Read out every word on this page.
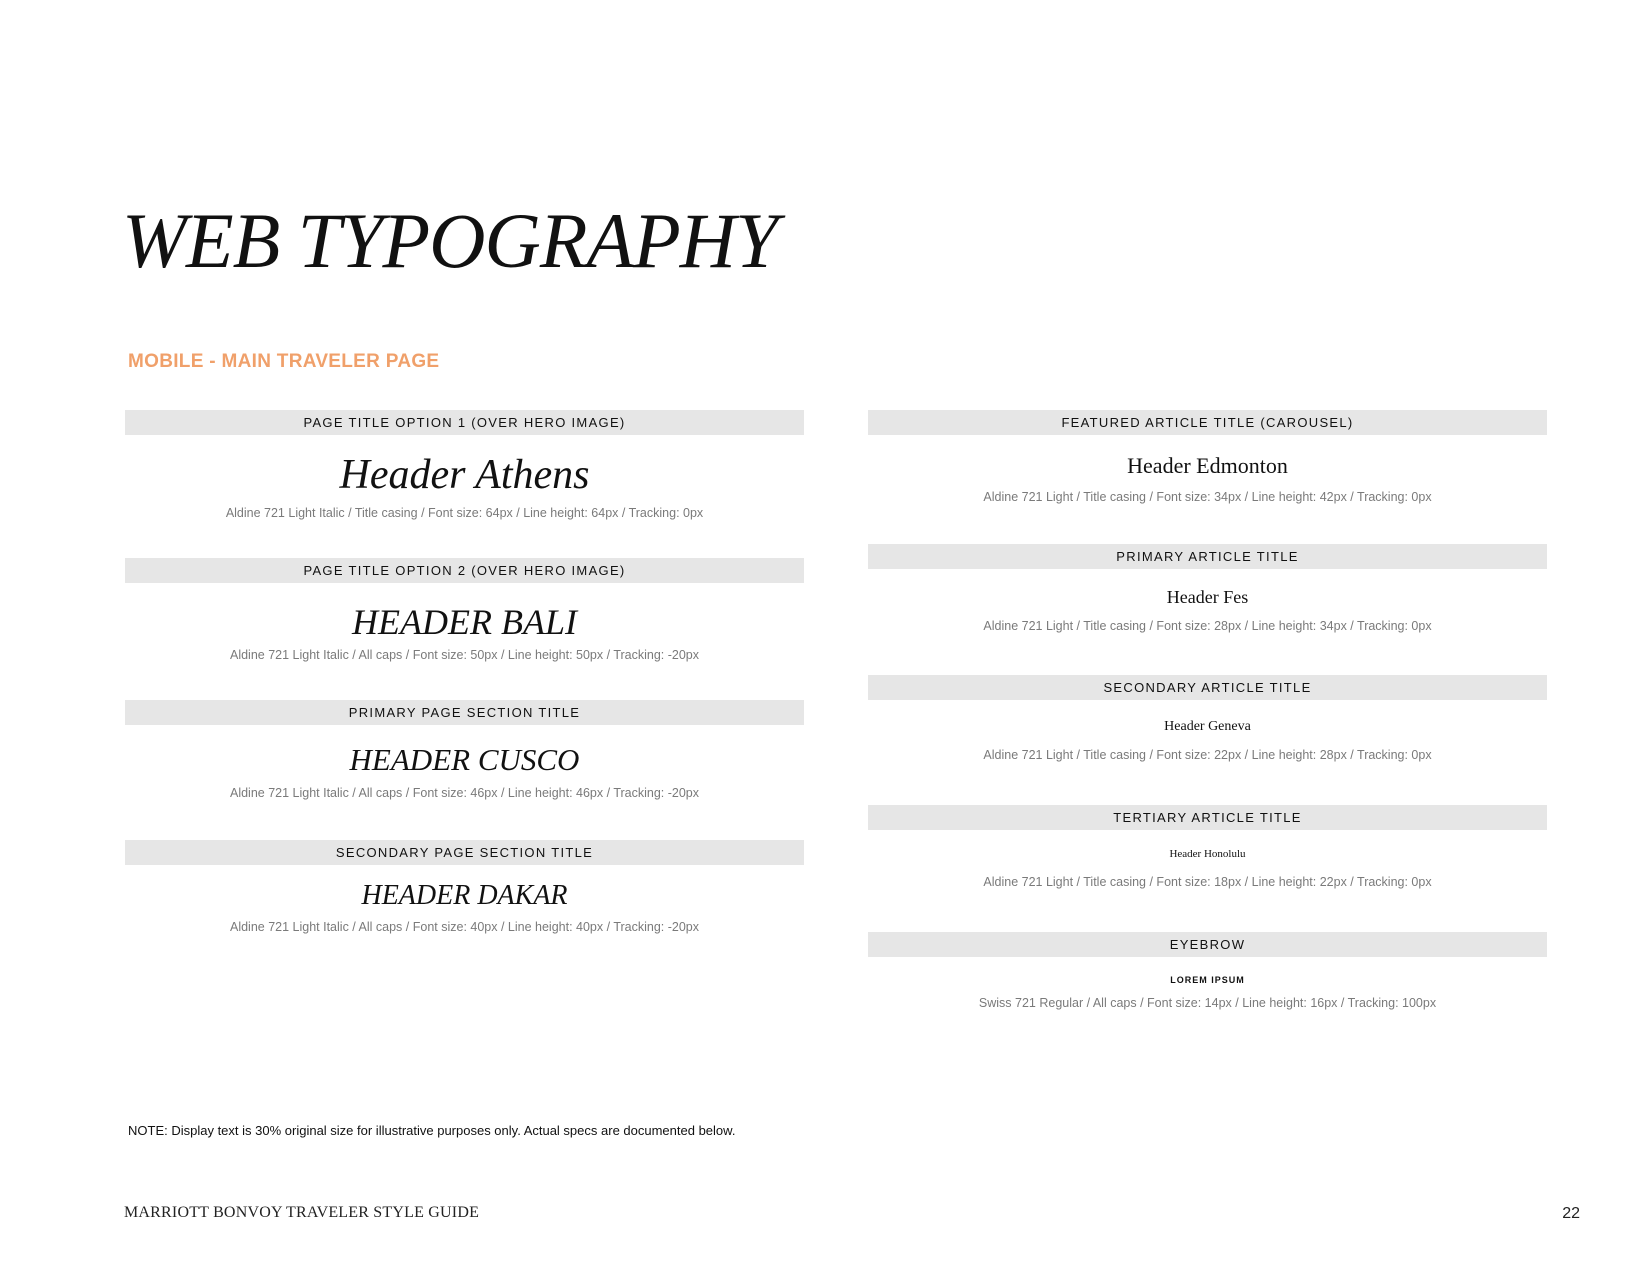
WEB TYPOGRAPHY
MOBILE - MAIN TRAVELER PAGE
PAGE TITLE OPTION 1 (OVER HERO IMAGE)
Header Athens
Aldine 721 Light Italic / Title casing / Font size: 64px / Line height: 64px / Tracking: 0px
PAGE TITLE OPTION 2 (OVER HERO IMAGE)
HEADER BALI
Aldine 721 Light Italic / All caps / Font size: 50px / Line height: 50px / Tracking: -20px
PRIMARY PAGE SECTION TITLE
HEADER CUSCO
Aldine 721 Light Italic / All caps / Font size: 46px / Line height: 46px / Tracking: -20px
SECONDARY PAGE SECTION TITLE
HEADER DAKAR
Aldine 721 Light Italic / All caps / Font size: 40px / Line height: 40px / Tracking: -20px
FEATURED ARTICLE TITLE (CAROUSEL)
Header Edmonton
Aldine 721 Light / Title casing / Font size: 34px / Line height: 42px / Tracking: 0px
PRIMARY ARTICLE TITLE
Header Fes
Aldine 721 Light / Title casing / Font size: 28px / Line height: 34px / Tracking: 0px
SECONDARY ARTICLE TITLE
Header Geneva
Aldine 721 Light / Title casing / Font size: 22px / Line height: 28px / Tracking: 0px
TERTIARY ARTICLE TITLE
Header Honolulu
Aldine 721 Light / Title casing / Font size: 18px / Line height: 22px / Tracking: 0px
EYEBROW
LOREM IPSUM
Swiss 721 Regular / All caps / Font size: 14px / Line height: 16px / Tracking: 100px

NOTE: Display text is 30% original size for illustrative purposes only. Actual specs are documented below.

MARRIOTT BONVOY TRAVELER STYLE GUIDE	22
